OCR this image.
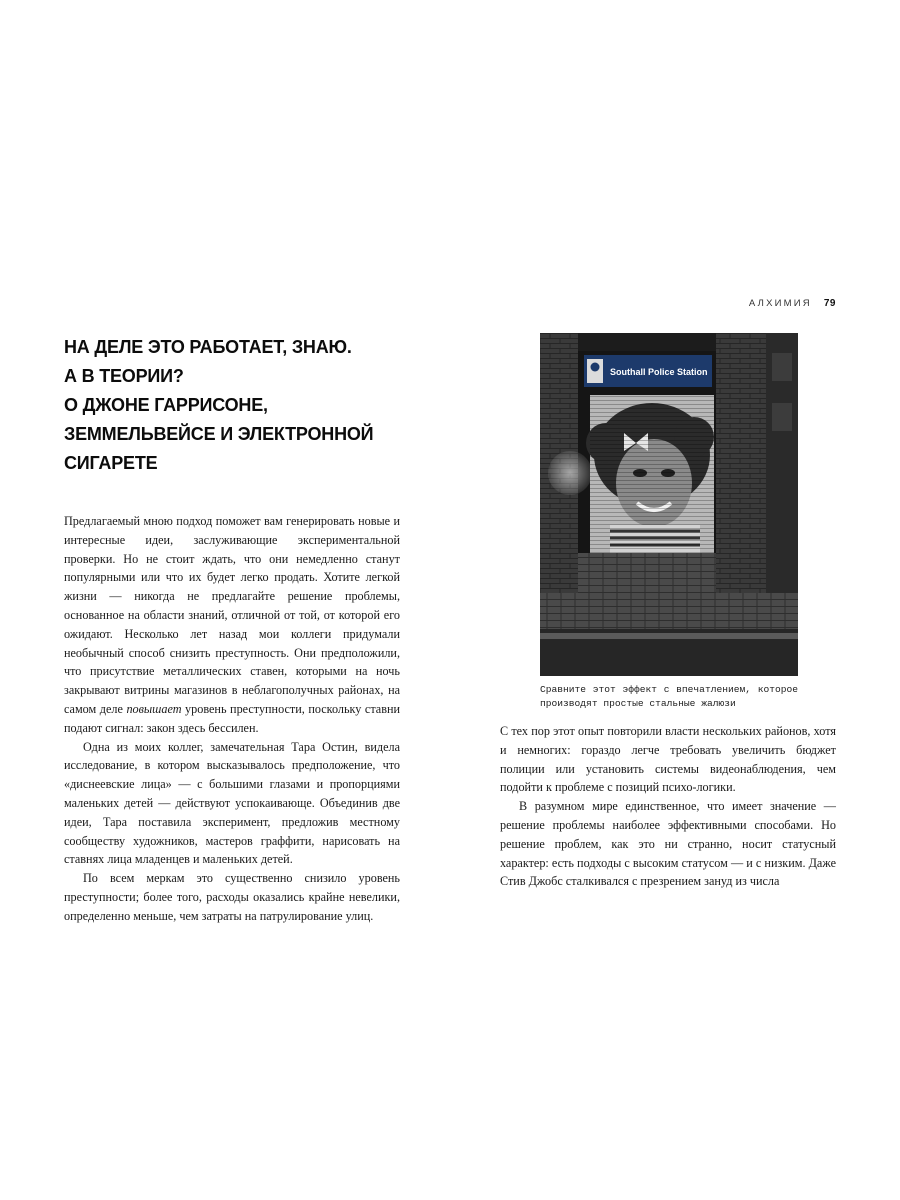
АЛХИМИЯ 79
НА ДЕЛЕ ЭТО РАБОТАЕТ, ЗНАЮ.
А В ТЕОРИИ?
О ДЖОНЕ ГАРРИСОНЕ,
ЗЕММЕЛЬВЕЙСЕ И ЭЛЕКТРОННОЙ
СИГАРЕТЕ

Предлагаемый мною подход поможет вам генерировать новые и интересные идеи, заслуживающие экспериментальной проверки. Но не стоит ждать, что они немедленно станут популярными или что их будет легко продать. Хотите легкой жизни — никогда не предлагайте решение проблемы, основанное на области знаний, отличной от той, от которой его ожидают. Несколько лет назад мои коллеги придумали необычный способ снизить преступность. Они предположили, что присутствие металлических ставен, которыми на ночь закрывают витрины магазинов в неблагополучных районах, на самом деле повышает уровень преступности, поскольку ставни подают сигнал: закон здесь бессилен.

Одна из моих коллег, замечательная Тара Остин, видела исследование, в котором высказывалось предположение, что «диснеевские лица» — с большими глазами и пропорциями маленьких детей — действуют успокаивающе. Объединив две идеи, Тара поставила эксперимент, предложив местному сообществу художников, мастеров граффити, нарисовать на ставнях лица младенцев и маленьких детей.

По всем меркам это существенно снизило уровень преступности; более того, расходы оказались крайне невелики, определенно меньше, чем затраты на патрулирование улиц.

Southall Police Station

Сравните этот эффект с впечатлением, которое производят простые стальные жалюзи

С тех пор этот опыт повторили власти нескольких районов, хотя и немногих: гораздо легче требовать увеличить бюджет полиции или установить системы видеонаблюдения, чем подойти к проблеме с позиций психо-логики.

В разумном мире единственное, что имеет значение — решение проблемы наиболее эффективными способами. Но решение проблем, как это ни странно, носит статусный характер: есть подходы с высоким статусом — и с низким. Даже Стив Джобс сталкивался с презрением зануд из числа
